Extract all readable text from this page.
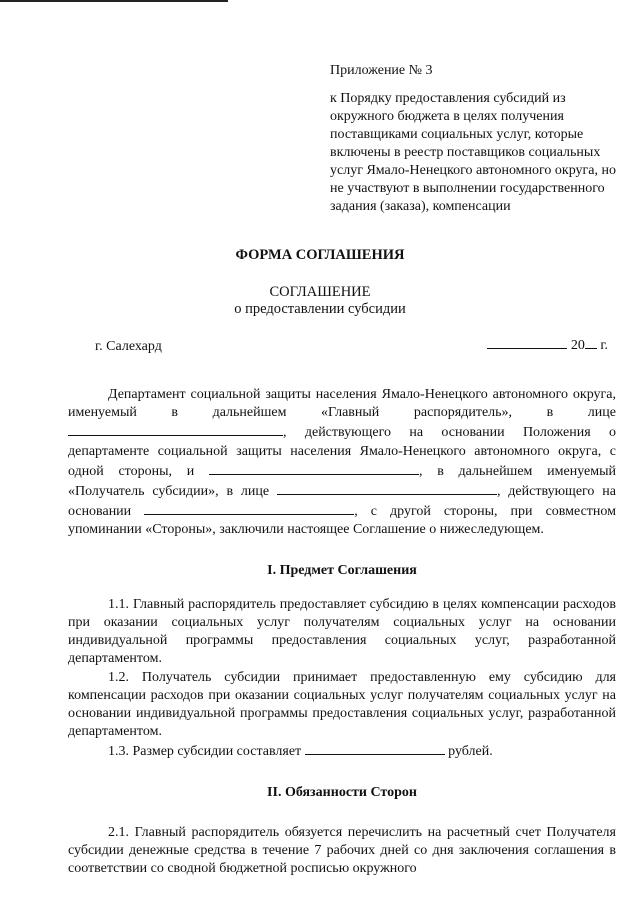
Приложение № 3

к Порядку предоставления субсидий из окружного бюджета в целях получения поставщиками социальных услуг, которые включены в реестр поставщиков социальных услуг Ямало-Ненецкого автономного округа, но не участвуют в выполнении государственного задания (заказа), компенсации

ФОРМА СОГЛАШЕНИЯ
СОГЛАШЕНИЕ
о предоставлении субсидии
г. Салехард	20 г.

Департамент социальной защиты населения Ямало-Ненецкого автономного округа, именуемый в дальнейшем «Главный распорядитель», в лице , действующего на основании Положения о департаменте социальной защиты населения Ямало-Ненецкого автономного округа, с одной стороны, и	, в дальнейшем именуемый «Получатель субсидии», в лице	, действующего на основании	, с другой стороны, при совместном упоминании «Стороны», заключили настоящее Соглашение о нижеследующем.

I. Предмет Соглашения

1.1. Главный распорядитель предоставляет субсидию в целях компенсации расходов при оказании социальных услуг получателям социальных услуг на основании индивидуальной программы предоставления социальных услуг, разработанной департаментом.

1.2. Получатель субсидии принимает предоставленную ему субсидию для компенсации расходов при оказании социальных услуг получателям социальных услуг на основании индивидуальной программы предоставления социальных услуг, разработанной департаментом.

1.3. Размер субсидии составляет	рублей.

II. Обязанности Сторон

2.1. Главный распорядитель обязуется перечислить на расчетный счет Получателя субсидии денежные средства в течение 7 рабочих дней со дня заключения соглашения в соответствии со сводной бюджетной росписью окружного
